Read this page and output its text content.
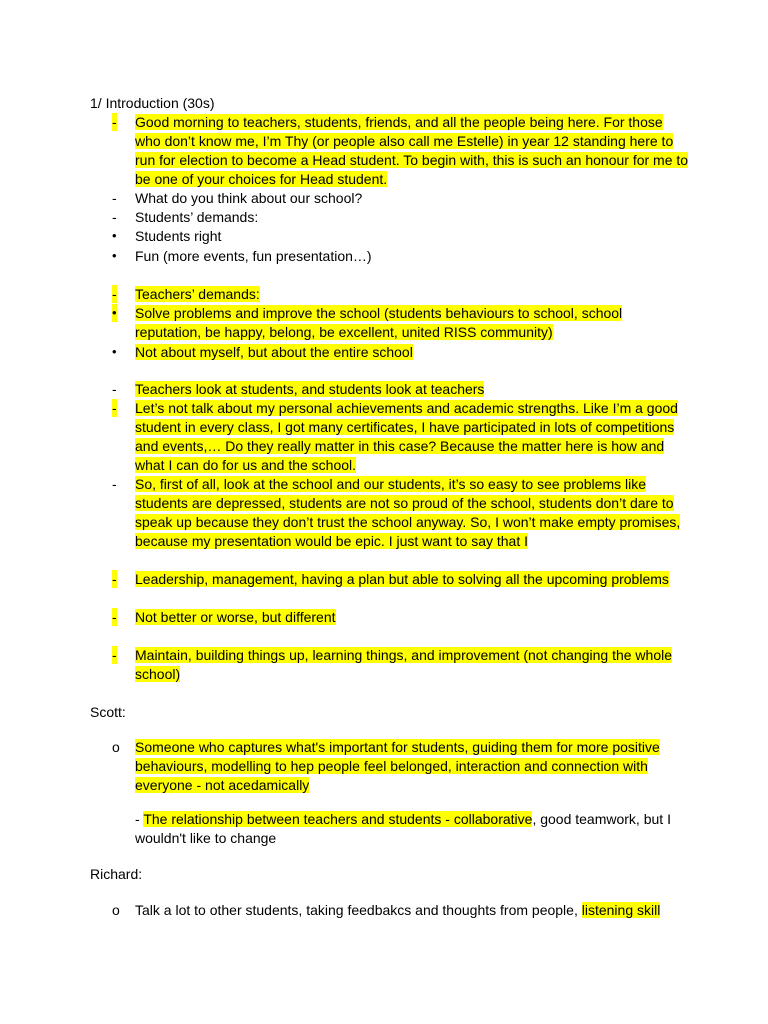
1/ Introduction (30s)
- Good morning to teachers, students, friends, and all the people being here. For those
who don’t know me, I’m Thy (or people also call me Estelle) in year 12 standing here to
run for election to become a Head student. To begin with, this is such an honour for me to
be one of your choices for Head student.
- What do you think about our school?
- Students’ demands:
• Students right
• Fun (more events, fun presentation…)
- Teachers’ demands:
• Solve problems and improve the school (students behaviours to school, school
reputation, be happy, belong, be excellent, united RISS community)
• Not about myself, but about the entire school
- Teachers look at students, and students look at teachers
- Let’s not talk about my personal achievements and academic strengths. Like I’m a good
student in every class, I got many certificates, I have participated in lots of competitions
and events,… Do they really matter in this case? Because the matter here is how and
what I can do for us and the school.
- So, first of all, look at the school and our students, it’s so easy to see problems like
students are depressed, students are not so proud of the school, students don’t dare to
speak up because they don’t trust the school anyway. So, I won’t make empty promises,
because my presentation would be epic. I just want to say that I
- Leadership, management, having a plan but able to solving all the upcoming problems
- Not better or worse, but different
- Maintain, building things up, learning things, and improvement (not changing the whole
school)
Scott:
o Someone who captures what's important for students, guiding them for more positive
behaviours, modelling to hep people feel belonged, interaction and connection with
everyone - not acedamically
- The relationship between teachers and students - collaborative, good teamwork, but I
wouldn't like to change
Richard:
o Talk a lot to other students, taking feedbakcs and thoughts from people, listening skill
